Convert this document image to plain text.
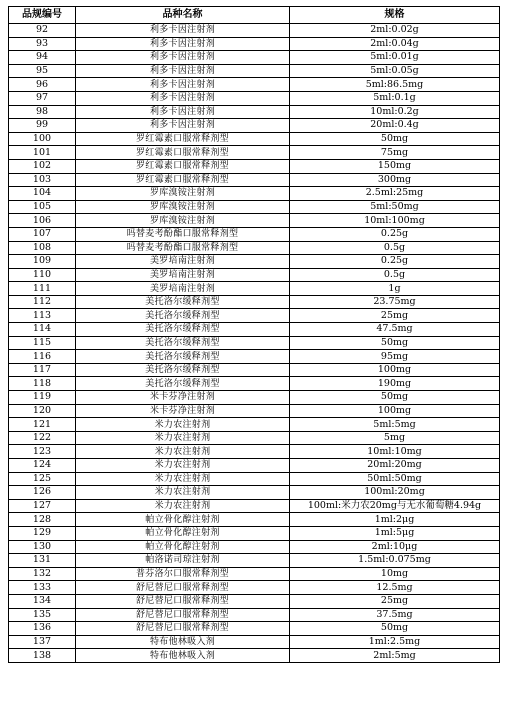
品规编号	品种名称	规格
92	利多卡因注射剂	2ml:0.02g
93	利多卡因注射剂	2ml:0.04g
94	利多卡因注射剂	5ml:0.01g
95	利多卡因注射剂	5ml:0.05g
96	利多卡因注射剂	5ml:86.5mg
97	利多卡因注射剂	5ml:0.1g
98	利多卡因注射剂	10ml:0.2g
99	利多卡因注射剂	20ml:0.4g
100	罗红霉素口服常释剂型	50mg
101	罗红霉素口服常释剂型	75mg
102	罗红霉素口服常释剂型	150mg
103	罗红霉素口服常释剂型	300mg
104	罗库溴铵注射剂	2.5ml:25mg
105	罗库溴铵注射剂	5ml:50mg
106	罗库溴铵注射剂	10ml:100mg
107	吗替麦考酚酯口服常释剂型	0.25g
108	吗替麦考酚酯口服常释剂型	0.5g
109	美罗培南注射剂	0.25g
110	美罗培南注射剂	0.5g
111	美罗培南注射剂	1g
112	美托洛尔缓释剂型	23.75mg
113	美托洛尔缓释剂型	25mg
114	美托洛尔缓释剂型	47.5mg
115	美托洛尔缓释剂型	50mg
116	美托洛尔缓释剂型	95mg
117	美托洛尔缓释剂型	100mg
118	美托洛尔缓释剂型	190mg
119	米卡芬净注射剂	50mg
120	米卡芬净注射剂	100mg
121	米力农注射剂	5ml:5mg
122	米力农注射剂	5mg
123	米力农注射剂	10ml:10mg
124	米力农注射剂	20ml:20mg
125	米力农注射剂	50ml:50mg
126	米力农注射剂	100ml:20mg
127	米力农注射剂	100ml:米力农20mg与无水葡萄糖4.94g
128	帕立骨化醇注射剂	1ml:2μg
129	帕立骨化醇注射剂	1ml:5μg
130	帕立骨化醇注射剂	2ml:10μg
131	帕洛诺司琼注射剂	1.5ml:0.075mg
132	普芬洛尔口服常释剂型	10mg
133	舒尼替尼口服常释剂型	12.5mg
134	舒尼替尼口服常释剂型	25mg
135	舒尼替尼口服常释剂型	37.5mg
136	舒尼替尼口服常释剂型	50mg
137	特布他林吸入剂	1ml:2.5mg
138	特布他林吸入剂	2ml:5mg
